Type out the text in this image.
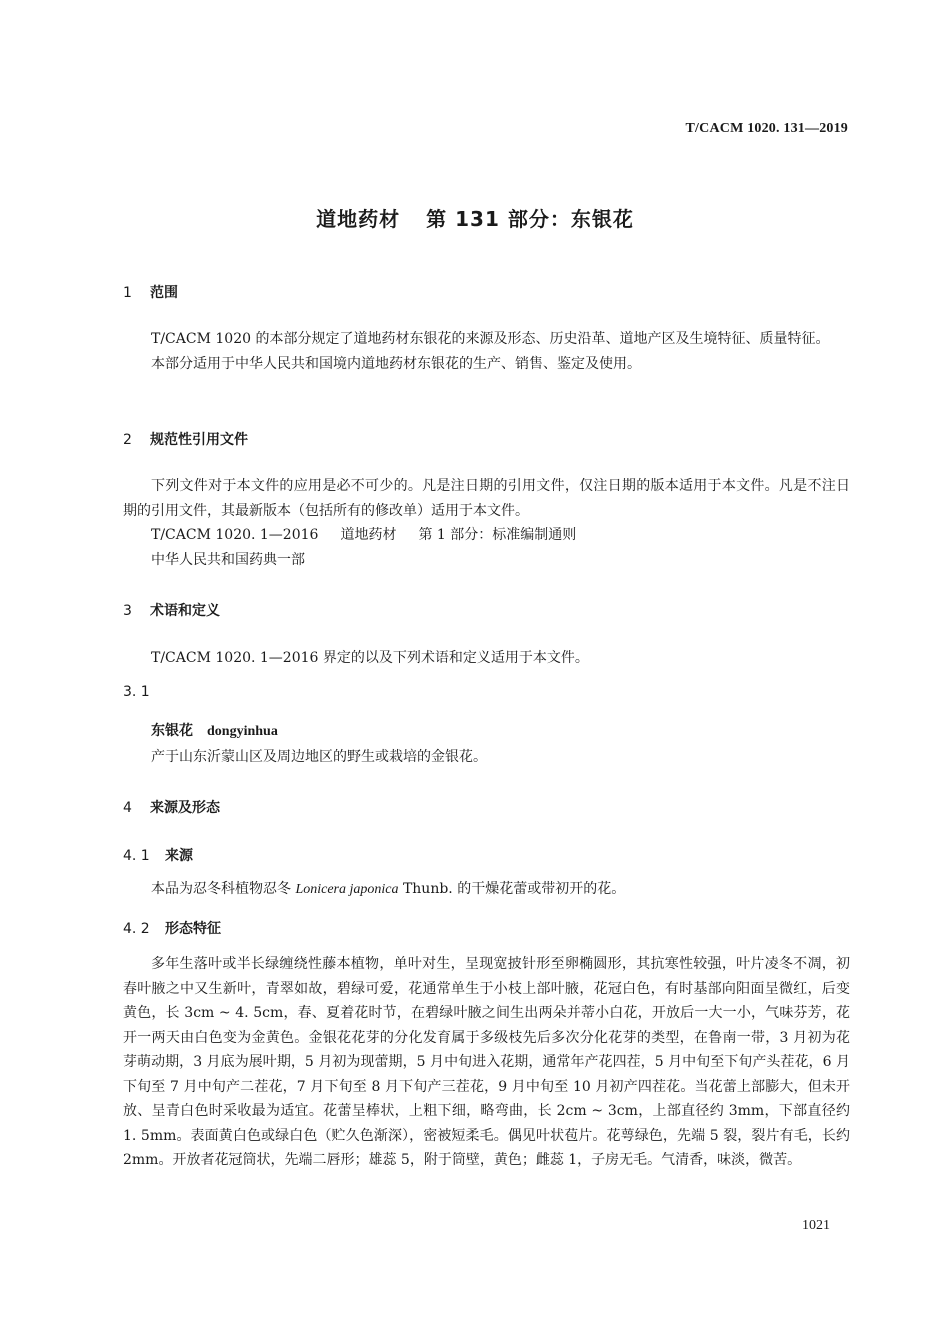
T/CACM 1020. 131—2019
道地药材 第 131 部分：东银花
1 范围

T/CACM 1020 的本部分规定了道地药材东银花的来源及形态、历史沿革、道地产区及生境特征、质量特征。

本部分适用于中华人民共和国境内道地药材东银花的生产、销售、鉴定及使用。

2 规范性引用文件

下列文件对于本文件的应用是必不可少的。凡是注日期的引用文件，仅注日期的版本适用于本文件。凡是不注日期的引用文件，其最新版本（包括所有的修改单）适用于本文件。

T/CACM 1020. 1—2016 道地药材 第 1 部分：标准编制通则

中华人民共和国药典一部

3 术语和定义

T/CACM 1020. 1—2016 界定的以及下列术语和定义适用于本文件。

3. 1
东银花 dongyinhua

产于山东沂蒙山区及周边地区的野生或栽培的金银花。

4 来源及形态
4. 1 来源

本品为忍冬科植物忍冬 Lonicera japonica Thunb. 的干燥花蕾或带初开的花。

4. 2 形态特征

多年生落叶或半长绿缠绕性藤本植物，单叶对生，呈现宽披针形至卵椭圆形，其抗寒性较强，叶片凌冬不凋，初春叶腋之中又生新叶，青翠如故，碧绿可爱，花通常单生于小枝上部叶腋，花冠白色，有时基部向阳面呈微红，后变黄色，长 3cm ~ 4. 5cm，春、夏着花时节，在碧绿叶腋之间生出两朵并蒂小白花，开放后一大一小，气味芬芳，花开一两天由白色变为金黄色。金银花花芽的分化发育属于多级枝先后多次分化花芽的类型，在鲁南一带，3 月初为花芽萌动期，3 月底为展叶期，5 月初为现蕾期，5 月中旬进入花期，通常年产花四茬，5 月中旬至下旬产头茬花，6 月下旬至 7 月中旬产二茬花，7 月下旬至 8 月下旬产三茬花，9 月中旬至 10 月初产四茬花。当花蕾上部膨大，但未开放、呈青白色时采收最为适宜。花蕾呈棒状，上粗下细，略弯曲，长 2cm ~ 3cm，上部直径约 3mm，下部直径约 1. 5mm。表面黄白色或绿白色（贮久色渐深），密被短柔毛。偶见叶状苞片。花萼绿色，先端 5 裂，裂片有毛，长约 2mm。开放者花冠筒状，先端二唇形；雄蕊 5，附于筒壁，黄色；雌蕊 1，子房无毛。气清香，味淡，微苦。

1021
